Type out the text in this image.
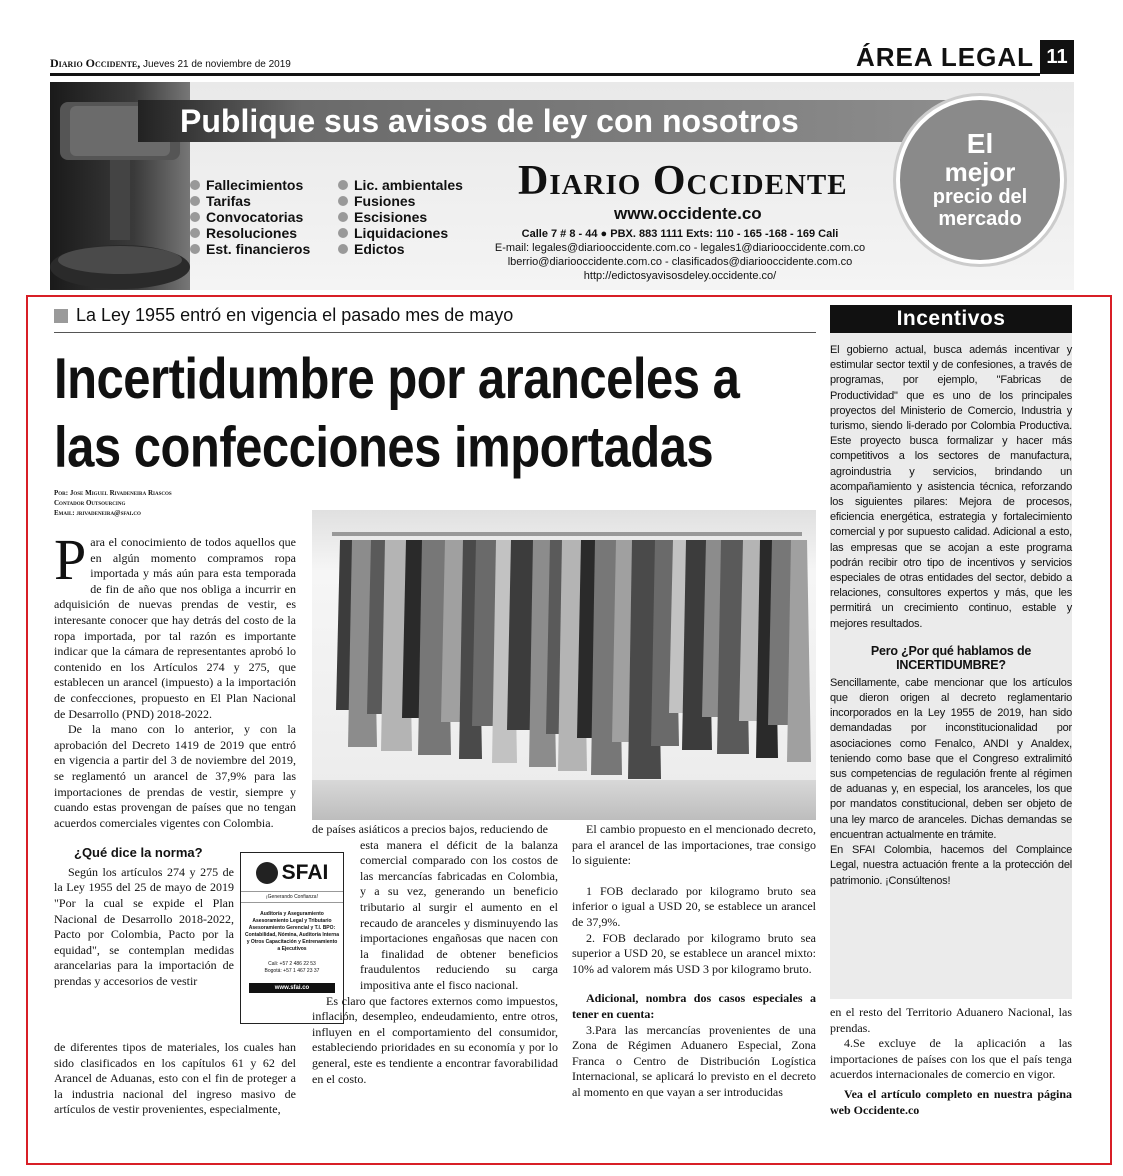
Diario Occidente, Jueves 21 de noviembre de 2019	ÁREA LEGAL 11
Publique sus avisos de ley con nosotros
Fallecimientos
Tarifas
Convocatorias
Resoluciones
Est. financieros
Lic. ambientales
Fusiones
Escisiones
Liquidaciones
Edictos
Diario Occidente
www.occidente.co
Calle 7 # 8 - 44 ● PBX. 883 1111 Exts: 110 - 165 -168 - 169 Cali
E-mail: legales@diariooccidente.com.co - legales1@diariooccidente.com.co
lberrio@diariooccidente.com.co - clasificados@diariooccidente.com.co
http://edictosyavisosdeley.occidente.co/
El
mejor
precio del
mercado
La Ley 1955 entró en vigencia el pasado mes de mayo
Incertidumbre por aranceles a las confecciones importadas
Por: Jose Miguel Rivadeneira Riascos
Contador Outsourcing
Email: jrivadeneira@sfai.co

Para el conocimiento de todos aquellos que en algún momento compramos ropa importada y más aún para esta temporada de fin de año que nos obliga a incurrir en adquisición de nuevas prendas de vestir, es interesante conocer que hay detrás del costo de la ropa importada, por tal razón es importante indicar que la cámara de representantes aprobó lo contenido en los Artículos 274 y 275, que establecen un arancel (impuesto) a la importación de confecciones, propuesto en El Plan Nacional de Desarrollo (PND) 2018-2022.

De la mano con lo anterior, y con la aprobación del Decreto 1419 de 2019 que entró en vigencia a partir del 3 de noviembre del 2019, se reglamentó un arancel de 37,9% para las importaciones de prendas de vestir, siempre y cuando estas provengan de países que no tengan acuerdos comerciales vigentes con Colombia.

¿Qué dice la norma?

Según los artículos 274 y 275 de la Ley 1955 del 25 de mayo de 2019 "Por la cual se expide el Plan Nacional de Desarrollo 2018-2022, Pacto por Colombia, Pacto por la equidad", se contemplan medidas arancelarias para la importación de prendas y accesorios de vestir

de diferentes tipos de materiales, los cuales han sido clasificados en los capítulos 61 y 62 del Arancel de Aduanas, esto con el fin de proteger a la industria nacional del ingreso masivo de artículos de vestir provenientes, especialmente,

SFAI
¡Generando Confianza!
Auditoría y Aseguramiento Asesoramiento Legal y Tributario Asesoramiento Gerencial y T.I. BPO: Contabilidad, Nómina, Auditoría Interna y Otros Capacitación y Entrenamiento a Ejecutivos
Cali: +57 2 486 22 53
Bogotá: +57 1 467 23 37
www.sfai.co

de países asiáticos a precios bajos, reduciendo de

esta manera el déficit de la balanza comercial comparado con los costos de las mercancías fabricadas en Colombia, y a su vez, generando un beneficio tributario al surgir el aumento en el recaudo de aranceles y disminuyendo las importaciones engañosas que nacen con la finalidad de obtener beneficios fraudulentos reduciendo su carga impositiva ante el fisco nacional.

Es claro que factores externos como impuestos, inflación, desempleo, endeudamiento, entre otros, influyen en el comportamiento del consumidor, estableciendo prioridades en su economía y por lo general, este es tendiente a encontrar favorabilidad en el costo.

El cambio propuesto en el mencionado decreto, para el arancel de las importaciones, trae consigo lo siguiente:

1 FOB declarado por kilogramo bruto sea inferior o igual a USD 20, se establece un arancel de 37,9%.

2. FOB declarado por kilogramo bruto sea superior a USD 20, se establece un arancel mixto: 10% ad valorem más USD 3 por kilogramo bruto.

Adicional, nombra dos casos especiales a tener en cuenta:

3.Para las mercancías provenientes de una Zona de Régimen Aduanero Especial, Zona Franca o Centro de Distribución Logística Internacional, se aplicará lo previsto en el decreto al momento en que vayan a ser introducidas

Incentivos

El gobierno actual, busca además incentivar y estimular sector textil y de confesiones, a través de programas, por ejemplo, "Fabricas de Productividad" que es uno de los principales proyectos del Ministerio de Comercio, Industria y turismo, siendo li-derado por Colombia Productiva. Este proyecto busca formalizar y hacer más competitivos a los sectores de manufactura, agroindustria y servicios, brindando un acompañamiento y asistencia técnica, reforzando los siguientes pilares: Mejora de procesos, eficiencia energética, estrategia y fortalecimiento comercial y por supuesto calidad. Adicional a esto, las empresas que se acojan a este programa podrán recibir otro tipo de incentivos y servicios especiales de otras entidades del sector, debido a relaciones, consultores expertos y más, que les permitirá un crecimiento continuo, estable y mejores resultados.

Pero ¿Por qué hablamos de INCERTIDUMBRE?

Sencillamente, cabe mencionar que los artículos que dieron origen al decreto reglamentario incorporados en la Ley 1955 de 2019, han sido demandadas por inconstitucionalidad por asociaciones como Fenalco, ANDI y Analdex, teniendo como base que el Congreso extralimitó sus competencias de regulación frente al régimen de aduanas y, en especial, los aranceles, los que por mandatos constitucional, deben ser objeto de una ley marco de aranceles. Dichas demandas se encuentran actualmente en trámite.

En SFAI Colombia, hacemos del Complaince Legal, nuestra actuación frente a la protección del patrimonio. ¡Consúltenos!

en el resto del Territorio Aduanero Nacional, las prendas.

4.Se excluye de la aplicación a las importaciones de países con los que el país tenga acuerdos internacionales de comercio en vigor.

Vea el artículo completo en nuestra página web Occidente.co
